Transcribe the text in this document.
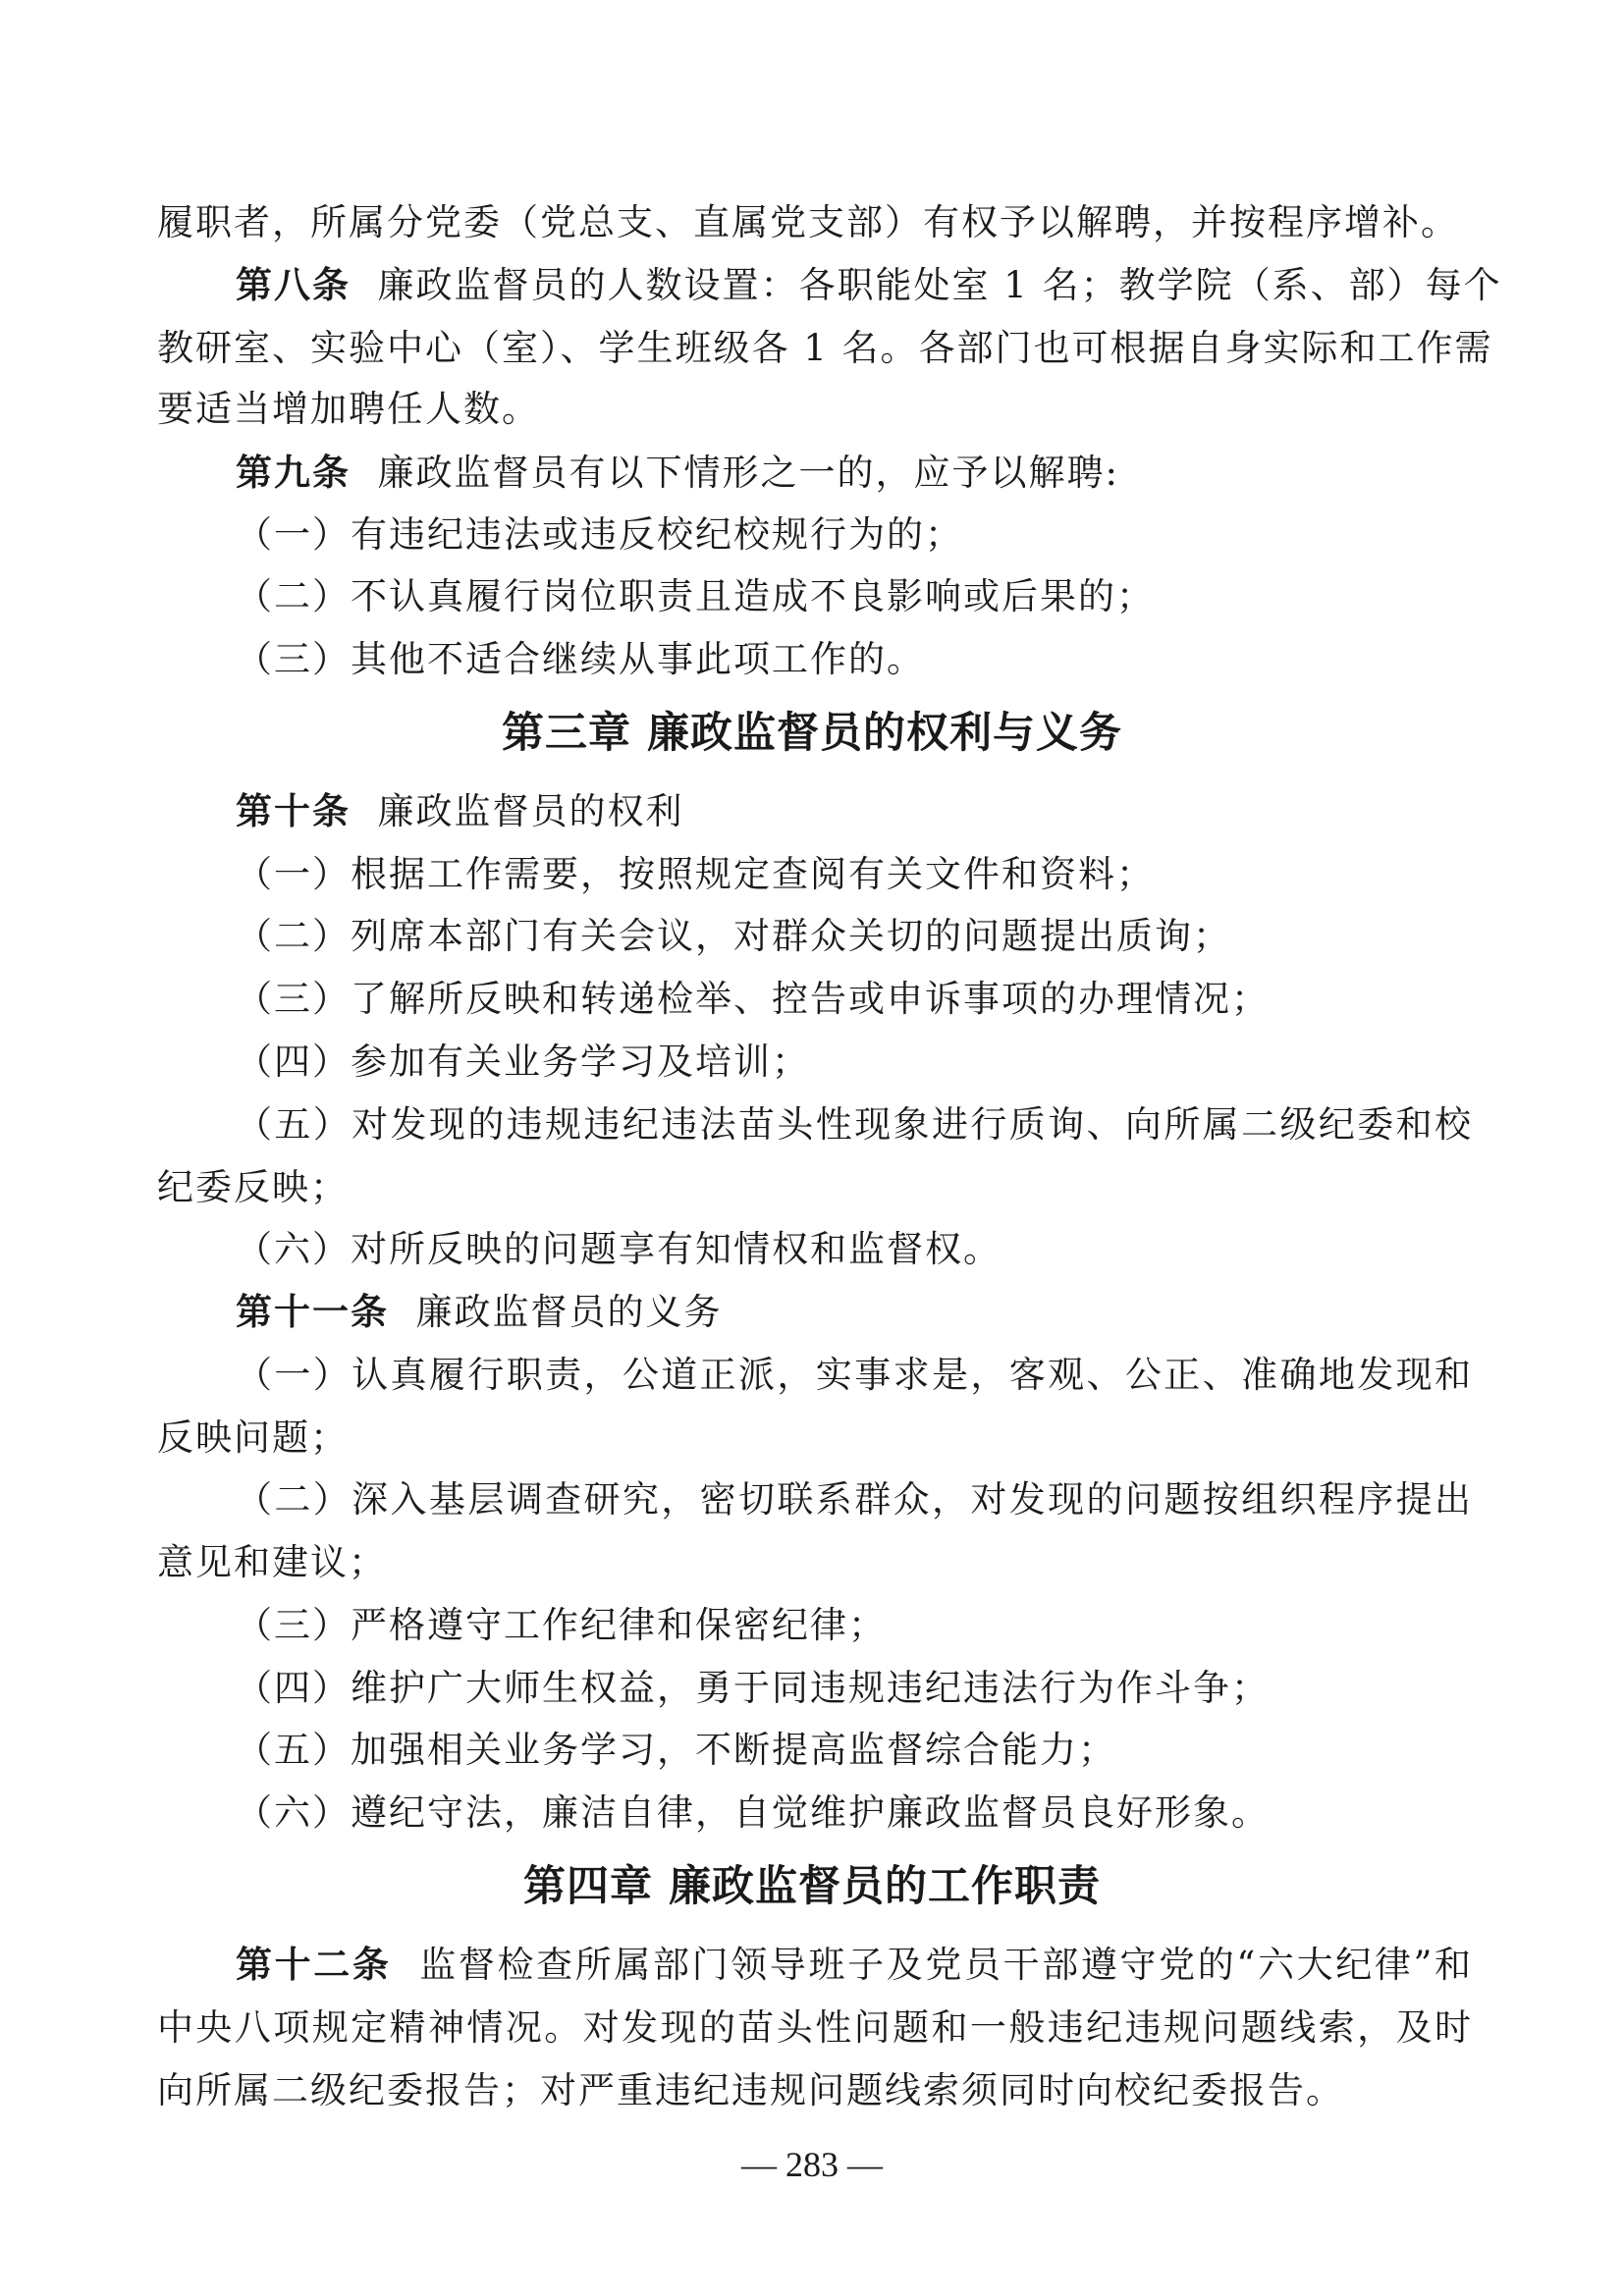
履职者，所属分党委（党总支、直属党支部）有权予以解聘，并按程序增补。
第八条 廉政监督员的人数设置：各职能处室 1 名；教学院（系、部）每个
教研室、实验中心（室）、学生班级各 1 名。各部门也可根据自身实际和工作需
要适当增加聘任人数。
第九条 廉政监督员有以下情形之一的，应予以解聘:
（一）有违纪违法或违反校纪校规行为的；
（二）不认真履行岗位职责且造成不良影响或后果的；
（三）其他不适合继续从事此项工作的。
第三章 廉政监督员的权利与义务
第十条 廉政监督员的权利
（一）根据工作需要，按照规定查阅有关文件和资料；
（二）列席本部门有关会议，对群众关切的问题提出质询；
（三）了解所反映和转递检举、控告或申诉事项的办理情况；
（四）参加有关业务学习及培训；
（五）对发现的违规违纪违法苗头性现象进行质询、向所属二级纪委和校
纪委反映；
（六）对所反映的问题享有知情权和监督权。
第十一条 廉政监督员的义务
（一）认真履行职责，公道正派，实事求是，客观、公正、准确地发现和
反映问题；
（二）深入基层调查研究，密切联系群众，对发现的问题按组织程序提出
意见和建议；
（三）严格遵守工作纪律和保密纪律；
（四）维护广大师生权益，勇于同违规违纪违法行为作斗争；
（五）加强相关业务学习，不断提高监督综合能力；
（六）遵纪守法，廉洁自律，自觉维护廉政监督员良好形象。
第四章 廉政监督员的工作职责
第十二条 监督检查所属部门领导班子及党员干部遵守党的“六大纪律”和
中央八项规定精神情况。对发现的苗头性问题和一般违纪违规问题线索，及时
向所属二级纪委报告；对严重违纪违规问题线索须同时向校纪委报告。
— 283 —
